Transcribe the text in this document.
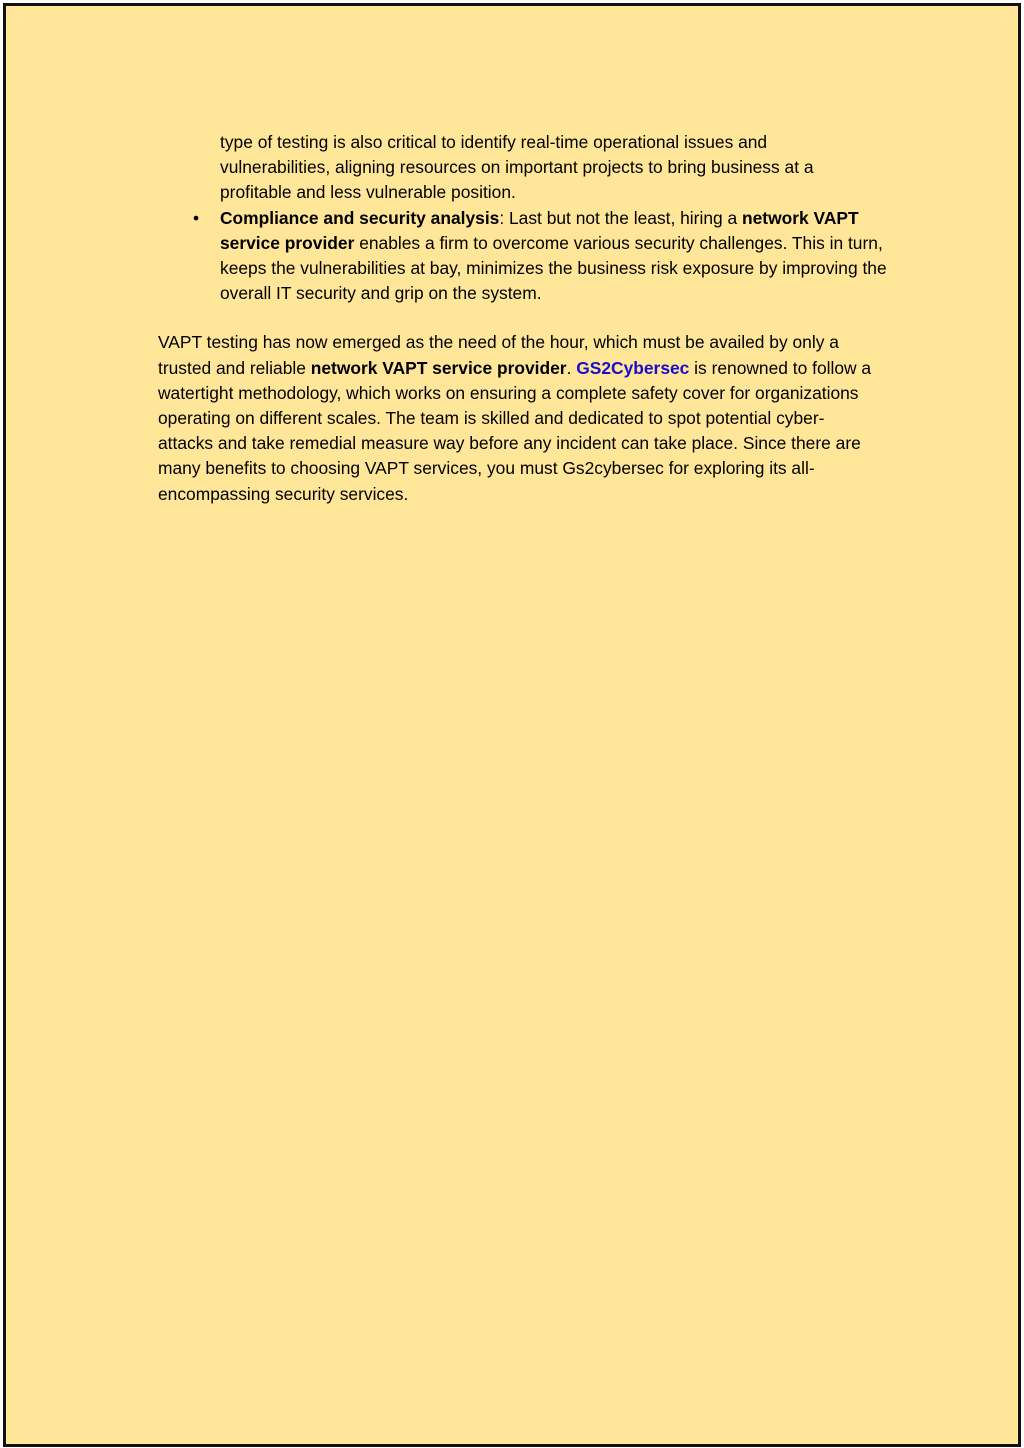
type of testing is also critical to identify real-time operational issues and vulnerabilities, aligning resources on important projects to bring business at a profitable and less vulnerable position.

• Compliance and security analysis: Last but not the least, hiring a network VAPT service provider enables a firm to overcome various security challenges. This in turn, keeps the vulnerabilities at bay, minimizes the business risk exposure by improving the overall IT security and grip on the system.

VAPT testing has now emerged as the need of the hour, which must be availed by only a trusted and reliable network VAPT service provider. GS2Cybersec is renowned to follow a watertight methodology, which works on ensuring a complete safety cover for organizations operating on different scales. The team is skilled and dedicated to spot potential cyber-attacks and take remedial measure way before any incident can take place. Since there are many benefits to choosing VAPT services, you must Gs2cybersec for exploring its all-encompassing security services.
